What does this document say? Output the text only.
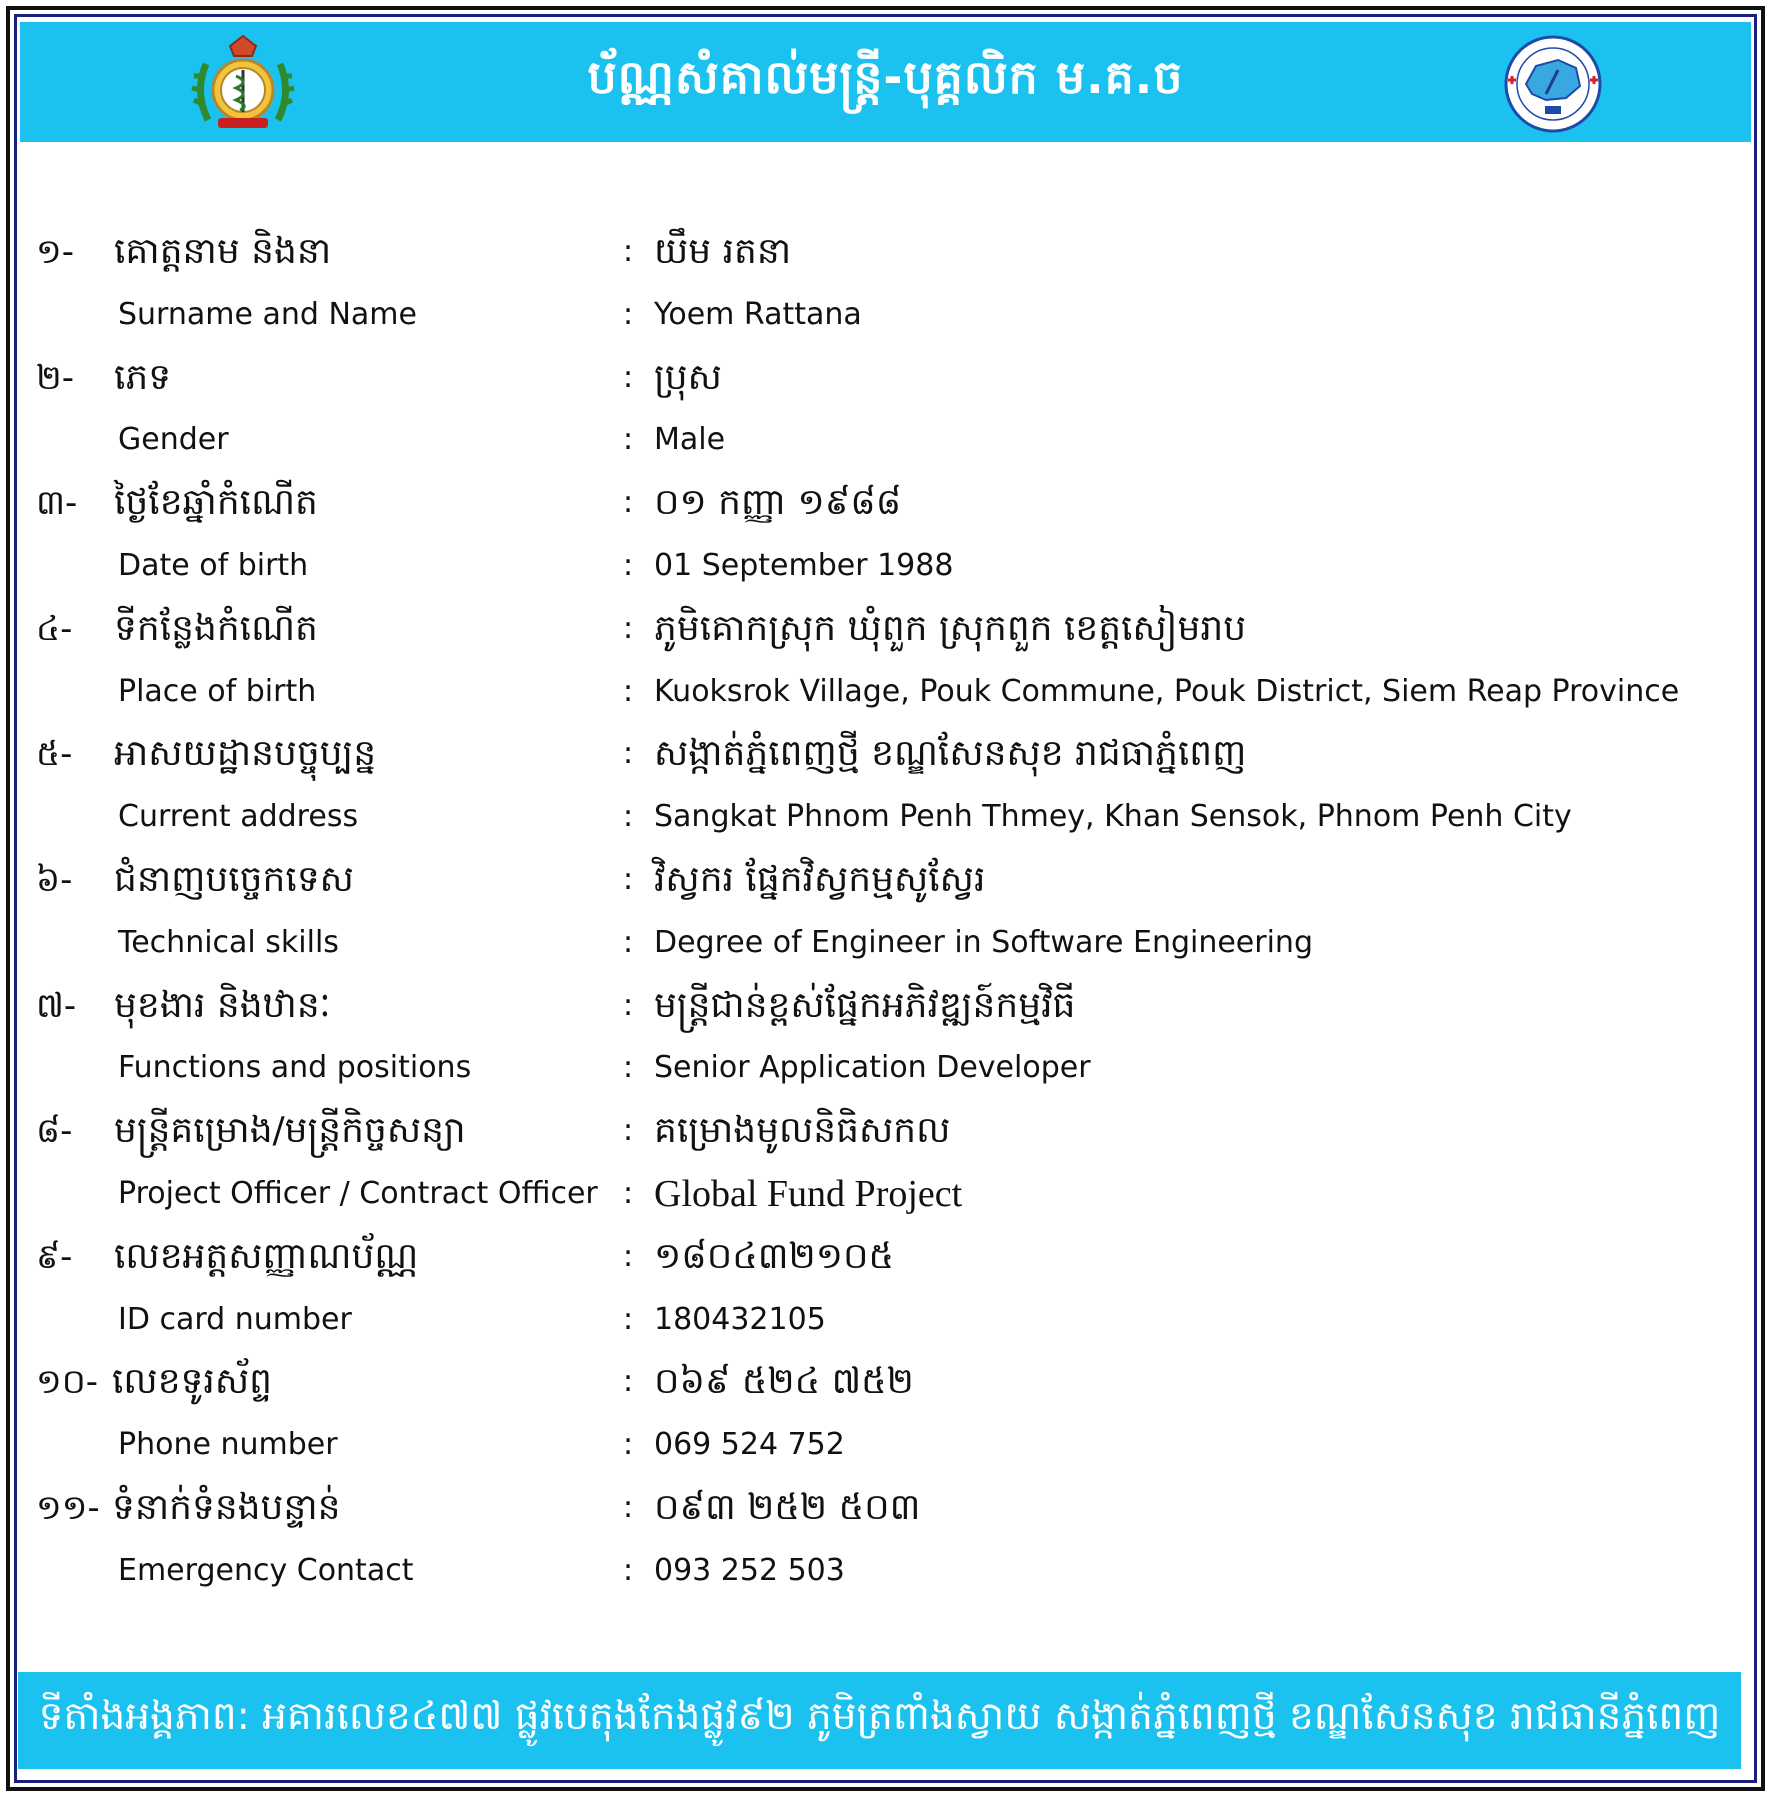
ប័ណ្ណសំគាល់មន្ត្រី-បុគ្គលិក ម.គ.ច
១- គោត្តនាម និងនា	: យឹម រតនា
Surname and Name	: Yoem Rattana
២- ភេទ	: ប្រុស
Gender	: Male
៣- ថ្ងៃខែឆ្នាំកំណើត	: ០១ កញ្ញា ១៩៨៨
Date of birth	: 01 September 1988
៤- ទីកន្លែងកំណើត	: ភូមិគោកស្រុក ឃុំពួក ស្រុកពួក ខេត្តសៀមរាប
Place of birth	: Kuoksrok Village, Pouk Commune, Pouk District, Siem Reap Province
៥- អាសយដ្ឋានបច្ចុប្បន្ន	: សង្កាត់ភ្នំពេញថ្មី ខណ្ឌសែនសុខ រាជធាភ្នំពេញ
Current address	: Sangkat Phnom Penh Thmey, Khan Sensok, Phnom Penh City
៦- ជំនាញបច្ចេកទេស	: វិស្វករ ផ្នែកវិស្វកម្មសូស្វែរ
Technical skills	: Degree of Engineer in Software Engineering
៧- មុខងារ និងឋានៈ	: មន្ត្រីជាន់ខ្ពស់ផ្នែកអភិវឌ្ឍន៍កម្មវិធី
Functions and positions	: Senior Application Developer
៨- មន្ត្រីគម្រោង/មន្ត្រីកិច្ចសន្យា	: គម្រោងមូលនិធិសកល
Project Officer / Contract Officer : Global Fund Project
៩- លេខអត្តសញ្ញាណប័ណ្ណ	: ១៨០៤៣២១០៥
ID card number	: 180432105
១០- លេខទូរស័ព្ទ	: ០៦៩ ៥២៤ ៧៥២
Phone number	: 069 524 752
១១- ទំនាក់ទំនងបន្ទាន់	: ០៩៣ ២៥២ ៥០៣
Emergency Contact	: 093 252 503
ទីតាំងអង្គភាព: អគារលេខ៤៧៧ ផ្លូវបេតុងកែងផ្លូវ៩២ ភូមិត្រពាំងស្វាយ សង្កាត់ភ្នំពេញថ្មី ខណ្ឌសែនសុខ រាជធានីភ្នំពេញ
